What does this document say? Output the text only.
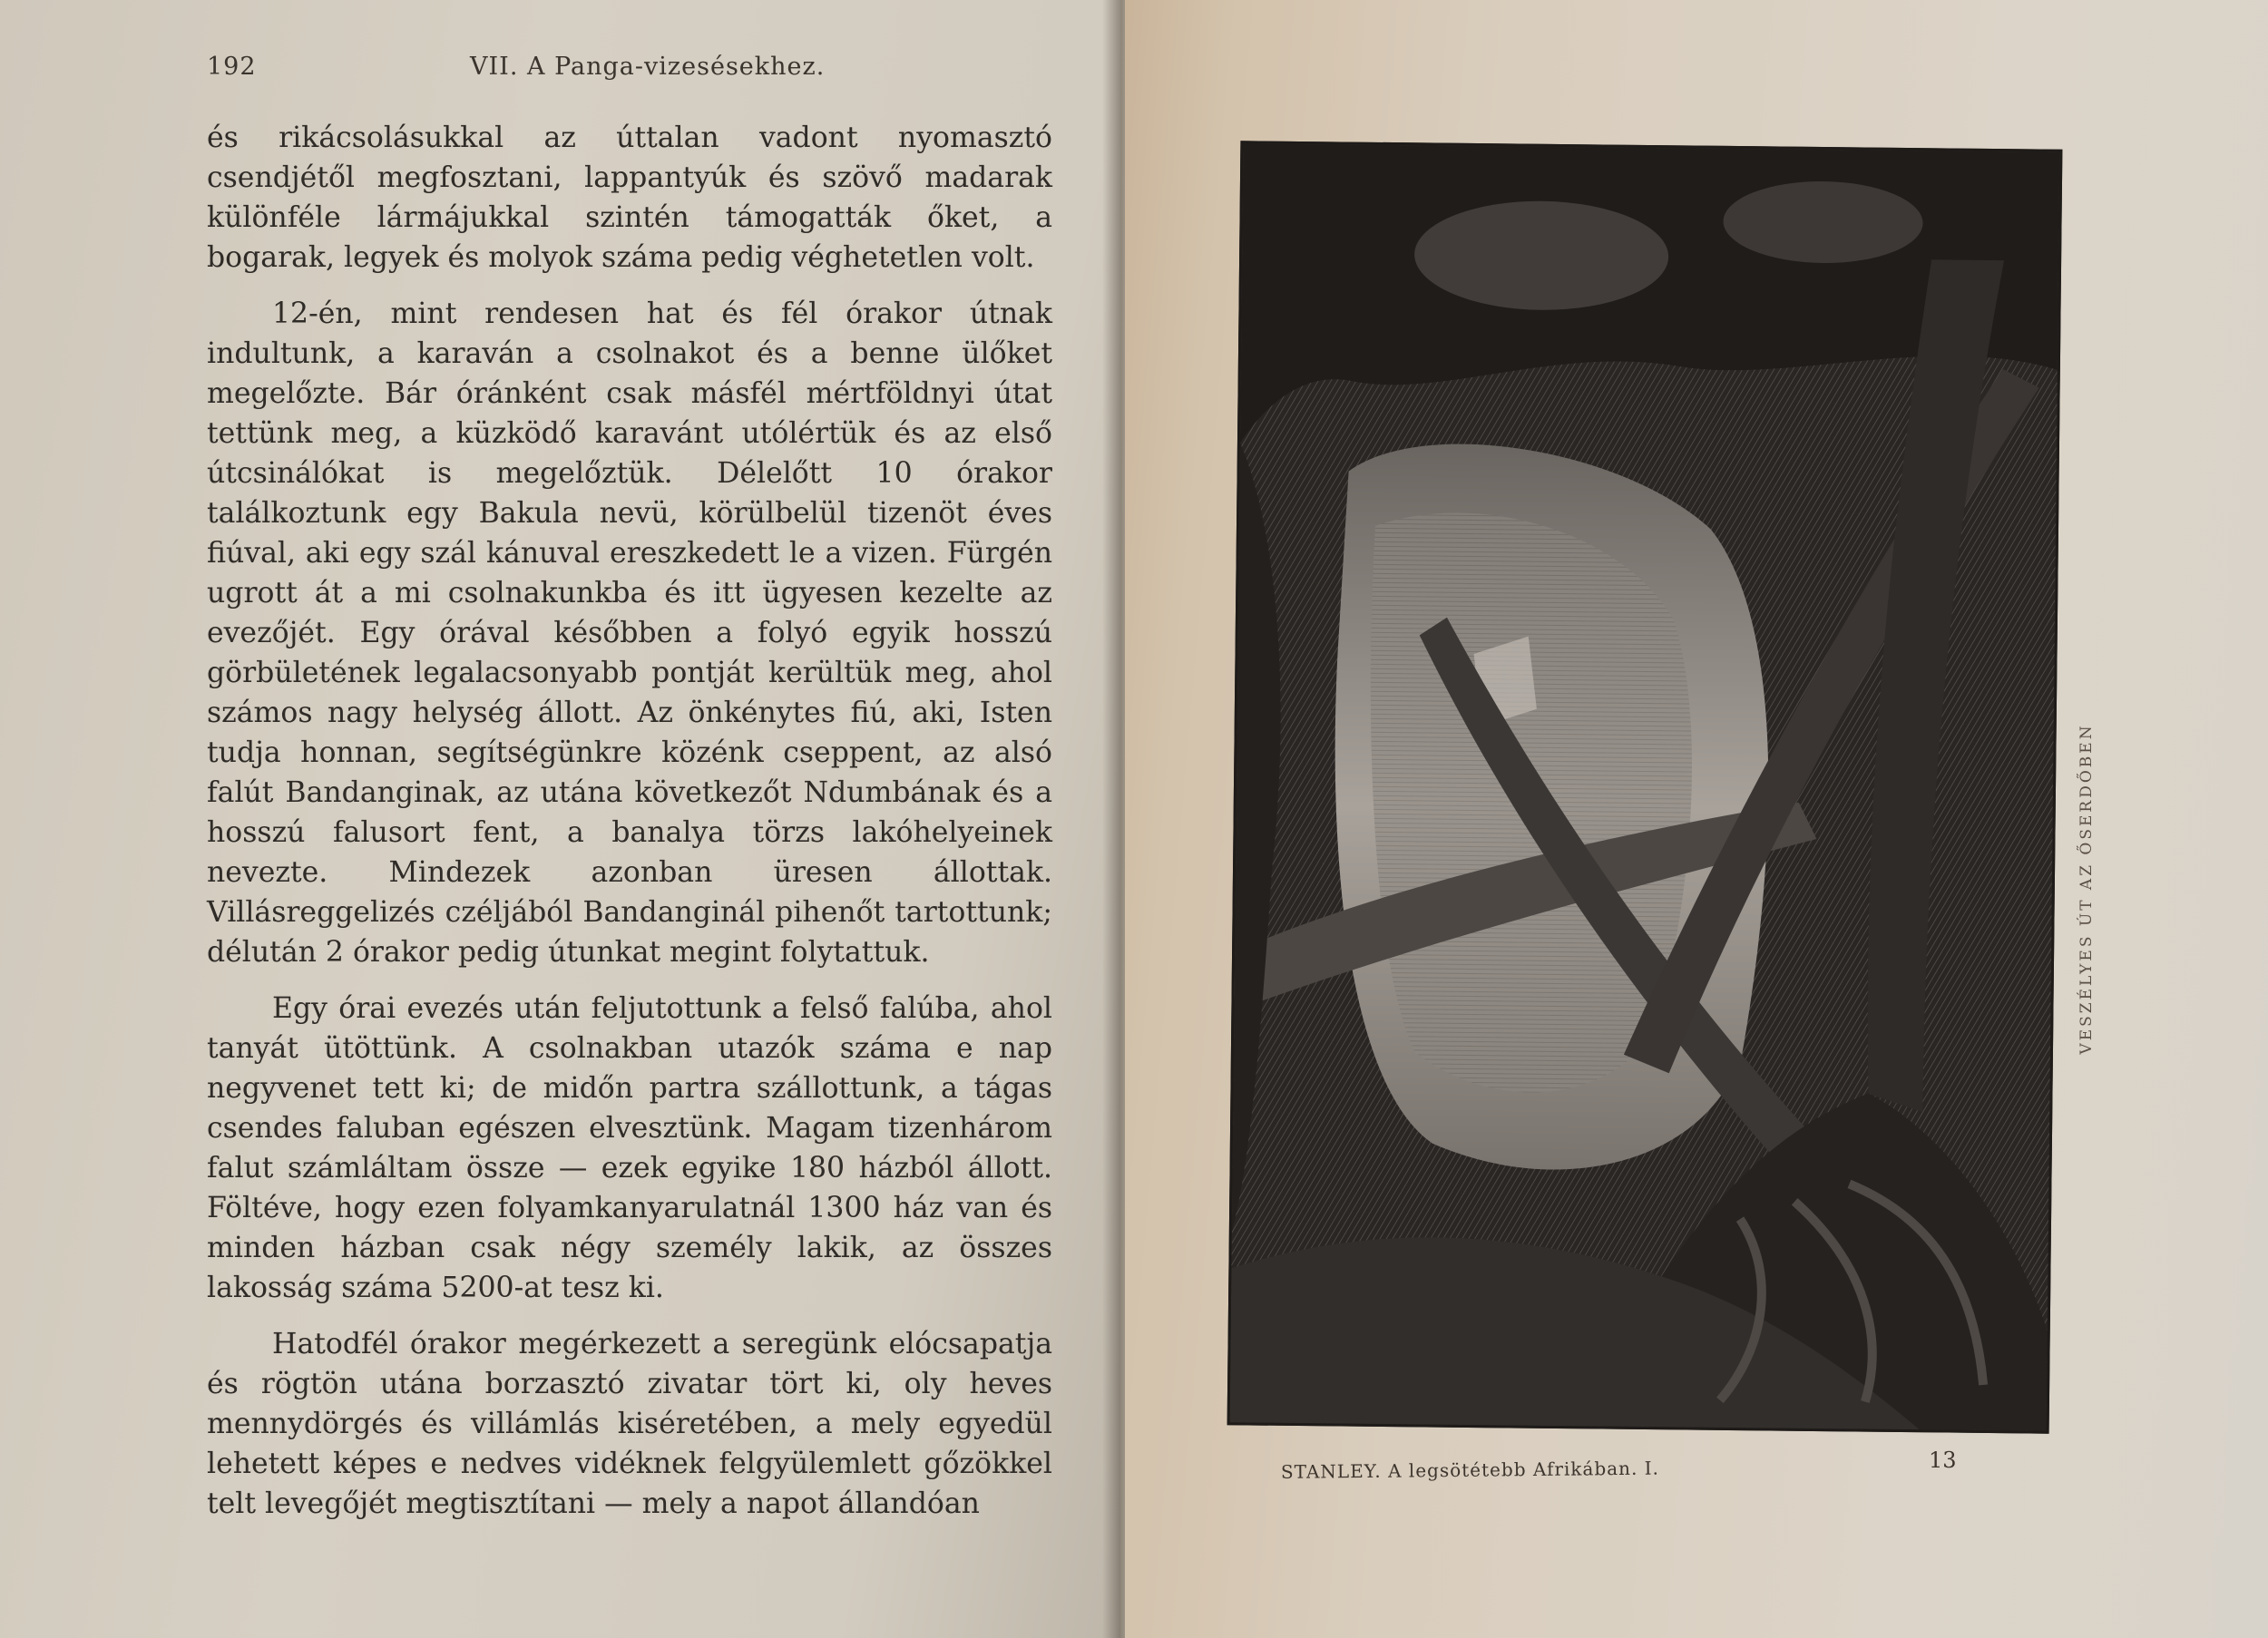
192	VII. A Panga-vizesésekhez.

és rikácsolásukkal az úttalan vadont nyomasztó csendjétől megfosztani, lappantyúk és szövő madarak különféle lármájukkal szintén támogatták őket, a bogarak, legyek és molyok száma pedig véghetetlen volt.

12-én, mint rendesen hat és fél órakor útnak indultunk, a karaván a csolnakot és a benne ülőket megelőzte. Bár óránként csak másfél mértföldnyi útat tettünk meg, a küzködő karavánt utólértük és az első útcsinálókat is megelőztük. Délelőtt 10 órakor találkoztunk egy Bakula nevü, körülbelül tizenöt éves fiúval, aki egy szál kánuval ereszkedett le a vizen. Fürgén ugrott át a mi csolnakunkba és itt ügyesen kezelte az evezőjét. Egy órával későbben a folyó egyik hosszú görbületének legalacsonyabb pontját kerültük meg, ahol számos nagy helység állott. Az önkénytes fiú, aki, Isten tudja honnan, segítségünkre közénk cseppent, az alsó falút Bandanginak, az utána következőt Ndumbának és a hosszú falusort fent, a banalya törzs lakóhelyeinek nevezte. Mindezek azonban üresen állottak. Villásreggelizés czéljából Bandanginál pihenőt tartottunk; délután 2 órakor pedig útunkat megint folytattuk.

Egy órai evezés után feljutottunk a felső falúba, ahol tanyát ütöttünk. A csolnakban utazók száma e nap negyvenet tett ki; de midőn partra szállottunk, a tágas csendes faluban egészen elvesztünk. Magam tizenhárom falut számláltam össze — ezek egyike 180 házból állott. Föltéve, hogy ezen folyamkanyarulatnál 1300 ház van és minden házban csak négy személy lakik, az összes lakosság száma 5200-at tesz ki.

Hatodfél órakor megérkezett a seregünk elócsapatja és rögtön utána borzasztó zivatar tört ki, oly heves mennydörgés és villámlás kiséretében, a mely egyedül lehetett képes e nedves vidéknek felgyülemlett gőzökkel telt levegőjét megtisztítani — mely a napot állandóan

VESZÉLYES ÚT AZ ŐSERDŐBEN
STANLEY. A legsötétebb Afrikában. I.	13
